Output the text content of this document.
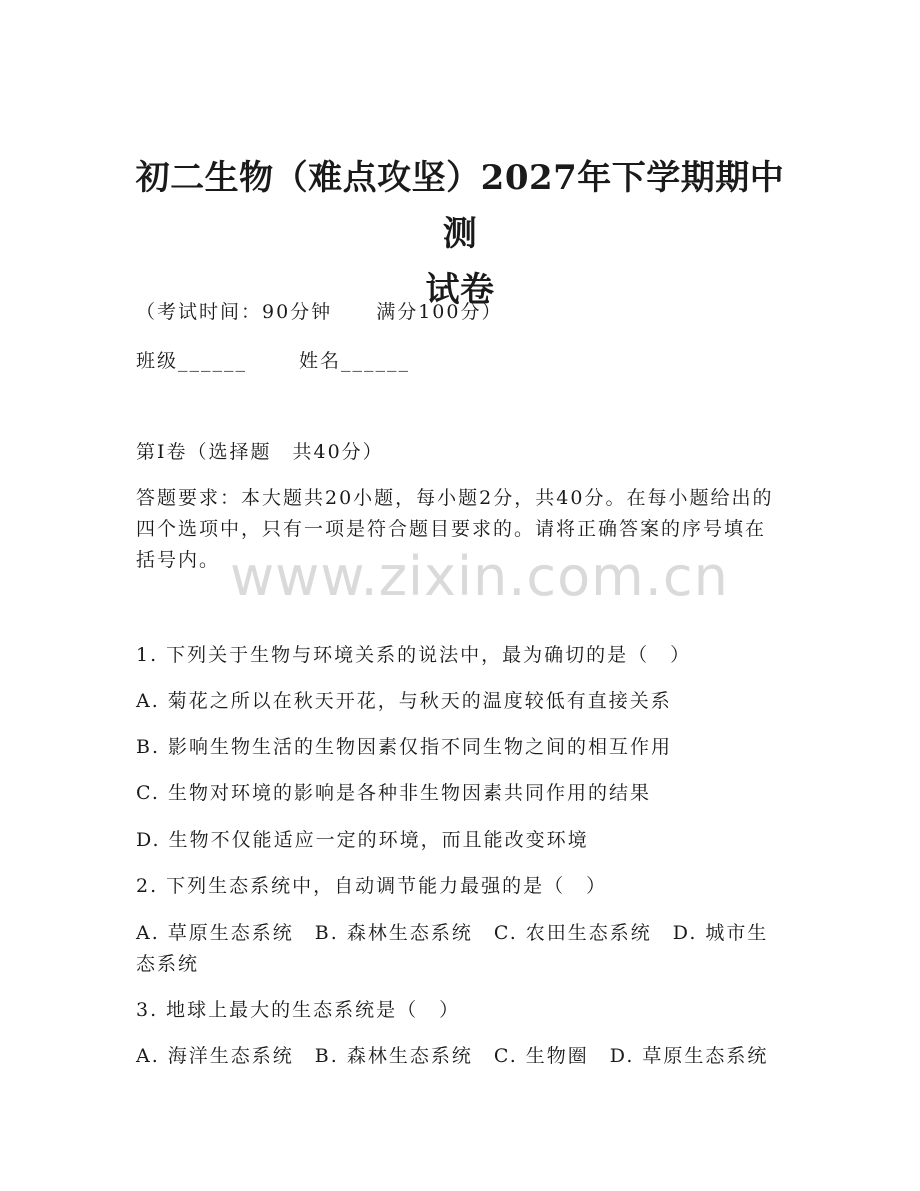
初二生物（难点攻坚）2027年下学期期中测
试卷
（考试时间：90分钟 满分100分）
班级______	姓名______
第Ⅰ卷（选择题　共40分）
答题要求：本大题共20小题，每小题2分，共40分。在每小题给出的四个选项中，只有一项是符合题目要求的。请将正确答案的序号填在括号内。 www.zixin.com.cn
1. 下列关于生物与环境关系的说法中，最为确切的是（　）
A. 菊花之所以在秋天开花，与秋天的温度较低有直接关系
B. 影响生物生活的生物因素仅指不同生物之间的相互作用
C. 生物对环境的影响是各种非生物因素共同作用的结果
D. 生物不仅能适应一定的环境，而且能改变环境
2. 下列生态系统中，自动调节能力最强的是（　）
A. 草原生态系统　B. 森林生态系统　C. 农田生态系统　D. 城市生态系统
3. 地球上最大的生态系统是（　）
A. 海洋生态系统　B. 森林生态系统　C. 生物圈　D. 草原生态系统
